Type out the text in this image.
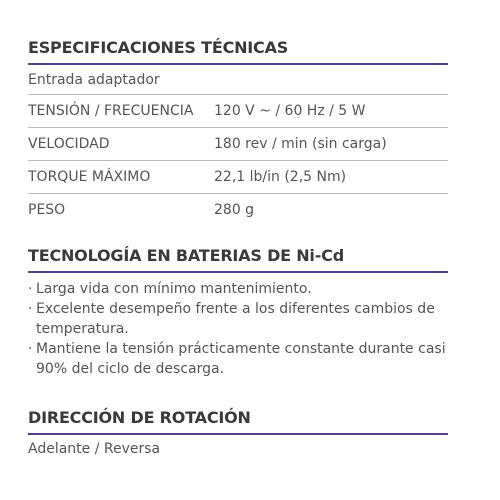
ESPECIFICACIONES TÉCNICAS
Entrada adaptador
TENSIÓN / FRECUENCIA	120 V ~ / 60 Hz / 5 W
VELOCIDAD	180 rev / min (sin carga)
TORQUE MÁXIMO	22,1 lb/in (2,5 Nm)
PESO	280 g
TECNOLOGÍA EN BATERIAS DE Ni-Cd
· Larga vida con mínimo mantenimiento.
· Excelente desempeño frente a los diferentes cambios de temperatura.
· Mantiene la tensión prácticamente constante durante casi 90% del ciclo de descarga.
DIRECCIÓN DE ROTACIÓN
Adelante / Reversa
